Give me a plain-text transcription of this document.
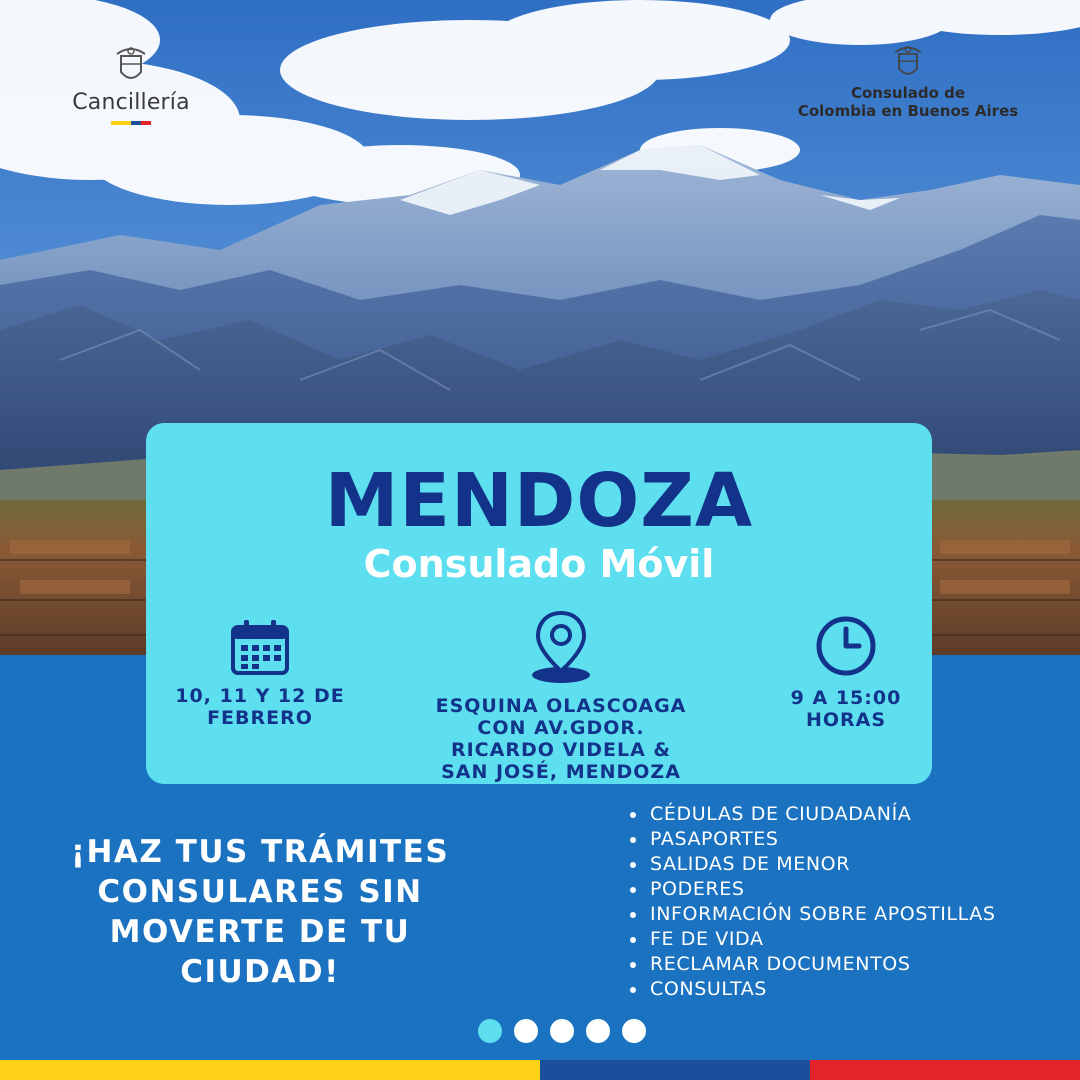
Cancillería	Consulado de
Colombia en Buenos Aires
MENDOZA
Consulado Móvil
10, 11 Y 12 DE
FEBRERO
ESQUINA OLASCOAGA
CON AV.GDOR.
RICARDO VIDELA &
SAN JOSÉ, MENDOZA
9 A 15:00
HORAS
¡HAZ TUS TRÁMITES
CONSULARES SIN
MOVERTE DE TU
CIUDAD!
CÉDULAS DE CIUDADANÍA
PASAPORTES
SALIDAS DE MENOR
PODERES
INFORMACIÓN SOBRE APOSTILLAS
FE DE VIDA
RECLAMAR DOCUMENTOS
CONSULTAS
